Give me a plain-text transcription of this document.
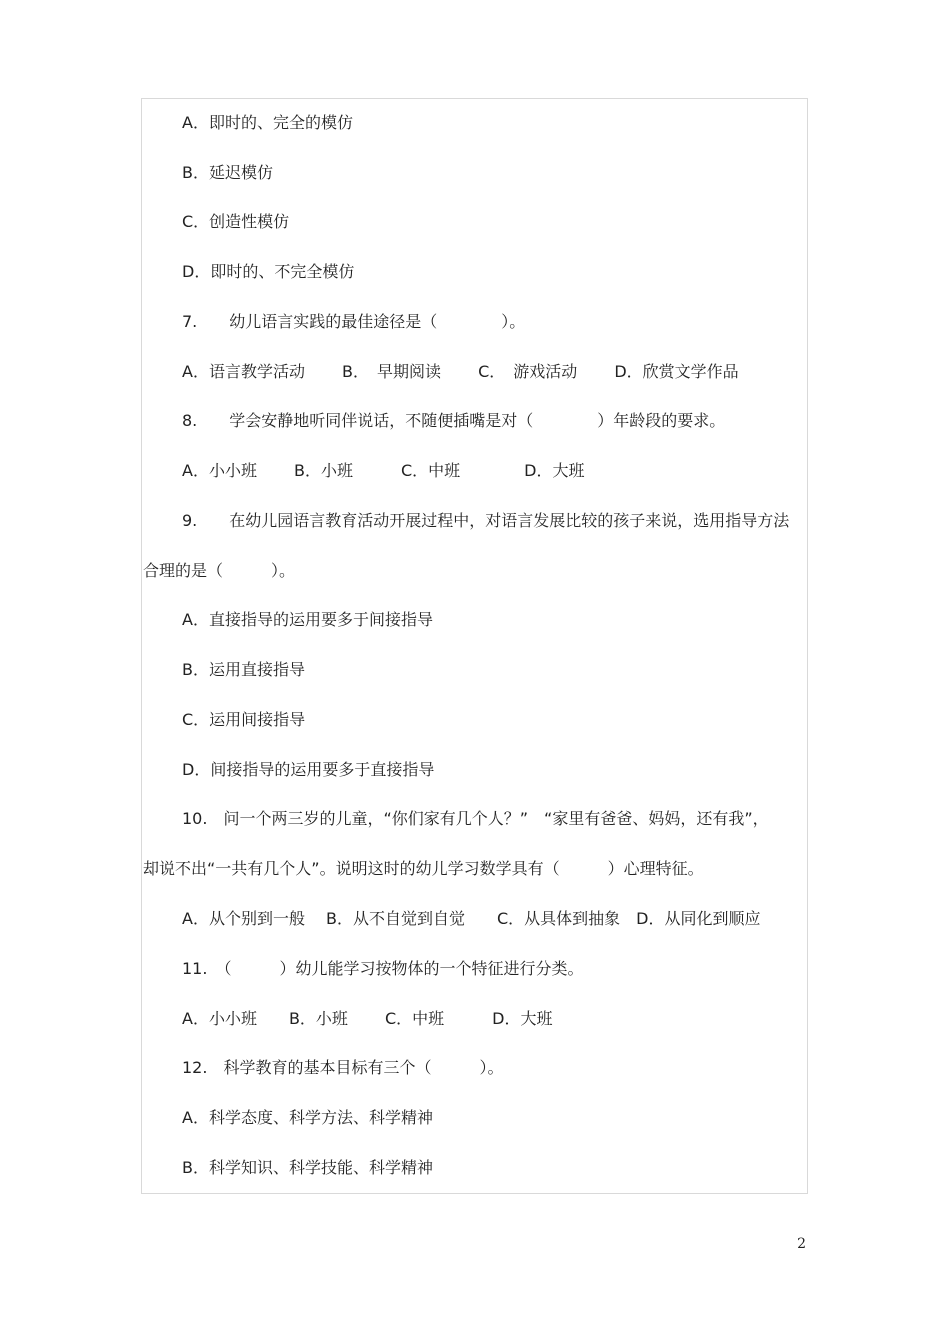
A．即时的、完全的模仿
B．延迟模仿
C．创造性模仿
D．即时的、不完全模仿
7.　　幼儿语言实践的最佳途径是（　　　　）。
A．语言教学活动　　 B．　早期阅读　　 C．　游戏活动　　 D．欣赏文学作品
8.　　学会安静地听同伴说话，不随便插嘴是对（　　　　）年龄段的要求。
A．小小班　　 B．小班　　　C．中班　　　　D．大班
9.　　在幼儿园语言教育活动开展过程中，对语言发展比较的孩子来说，选用指导方法
合理的是（　　　）。
A．直接指导的运用要多于间接指导
B．运用直接指导
C．运用间接指导
D．间接指导的运用要多于直接指导
10.　问一个两三岁的儿童，“你们家有几个人？”　“家里有爸爸、妈妈，还有我”，
却说不出“一共有几个人”。说明这时的幼儿学习数学具有（　　　）心理特征。
A．从个别到一般　 B．从不自觉到自觉　　C．从具体到抽象　D．从同化到顺应
11.　（　　　）幼儿能学习按物体的一个特征进行分类。
A．小小班　　B．小班　　 C．中班　　　D．大班
12.　科学教育的基本目标有三个（　　　）。
A．科学态度、科学方法、科学精神
B．科学知识、科学技能、科学精神
2
